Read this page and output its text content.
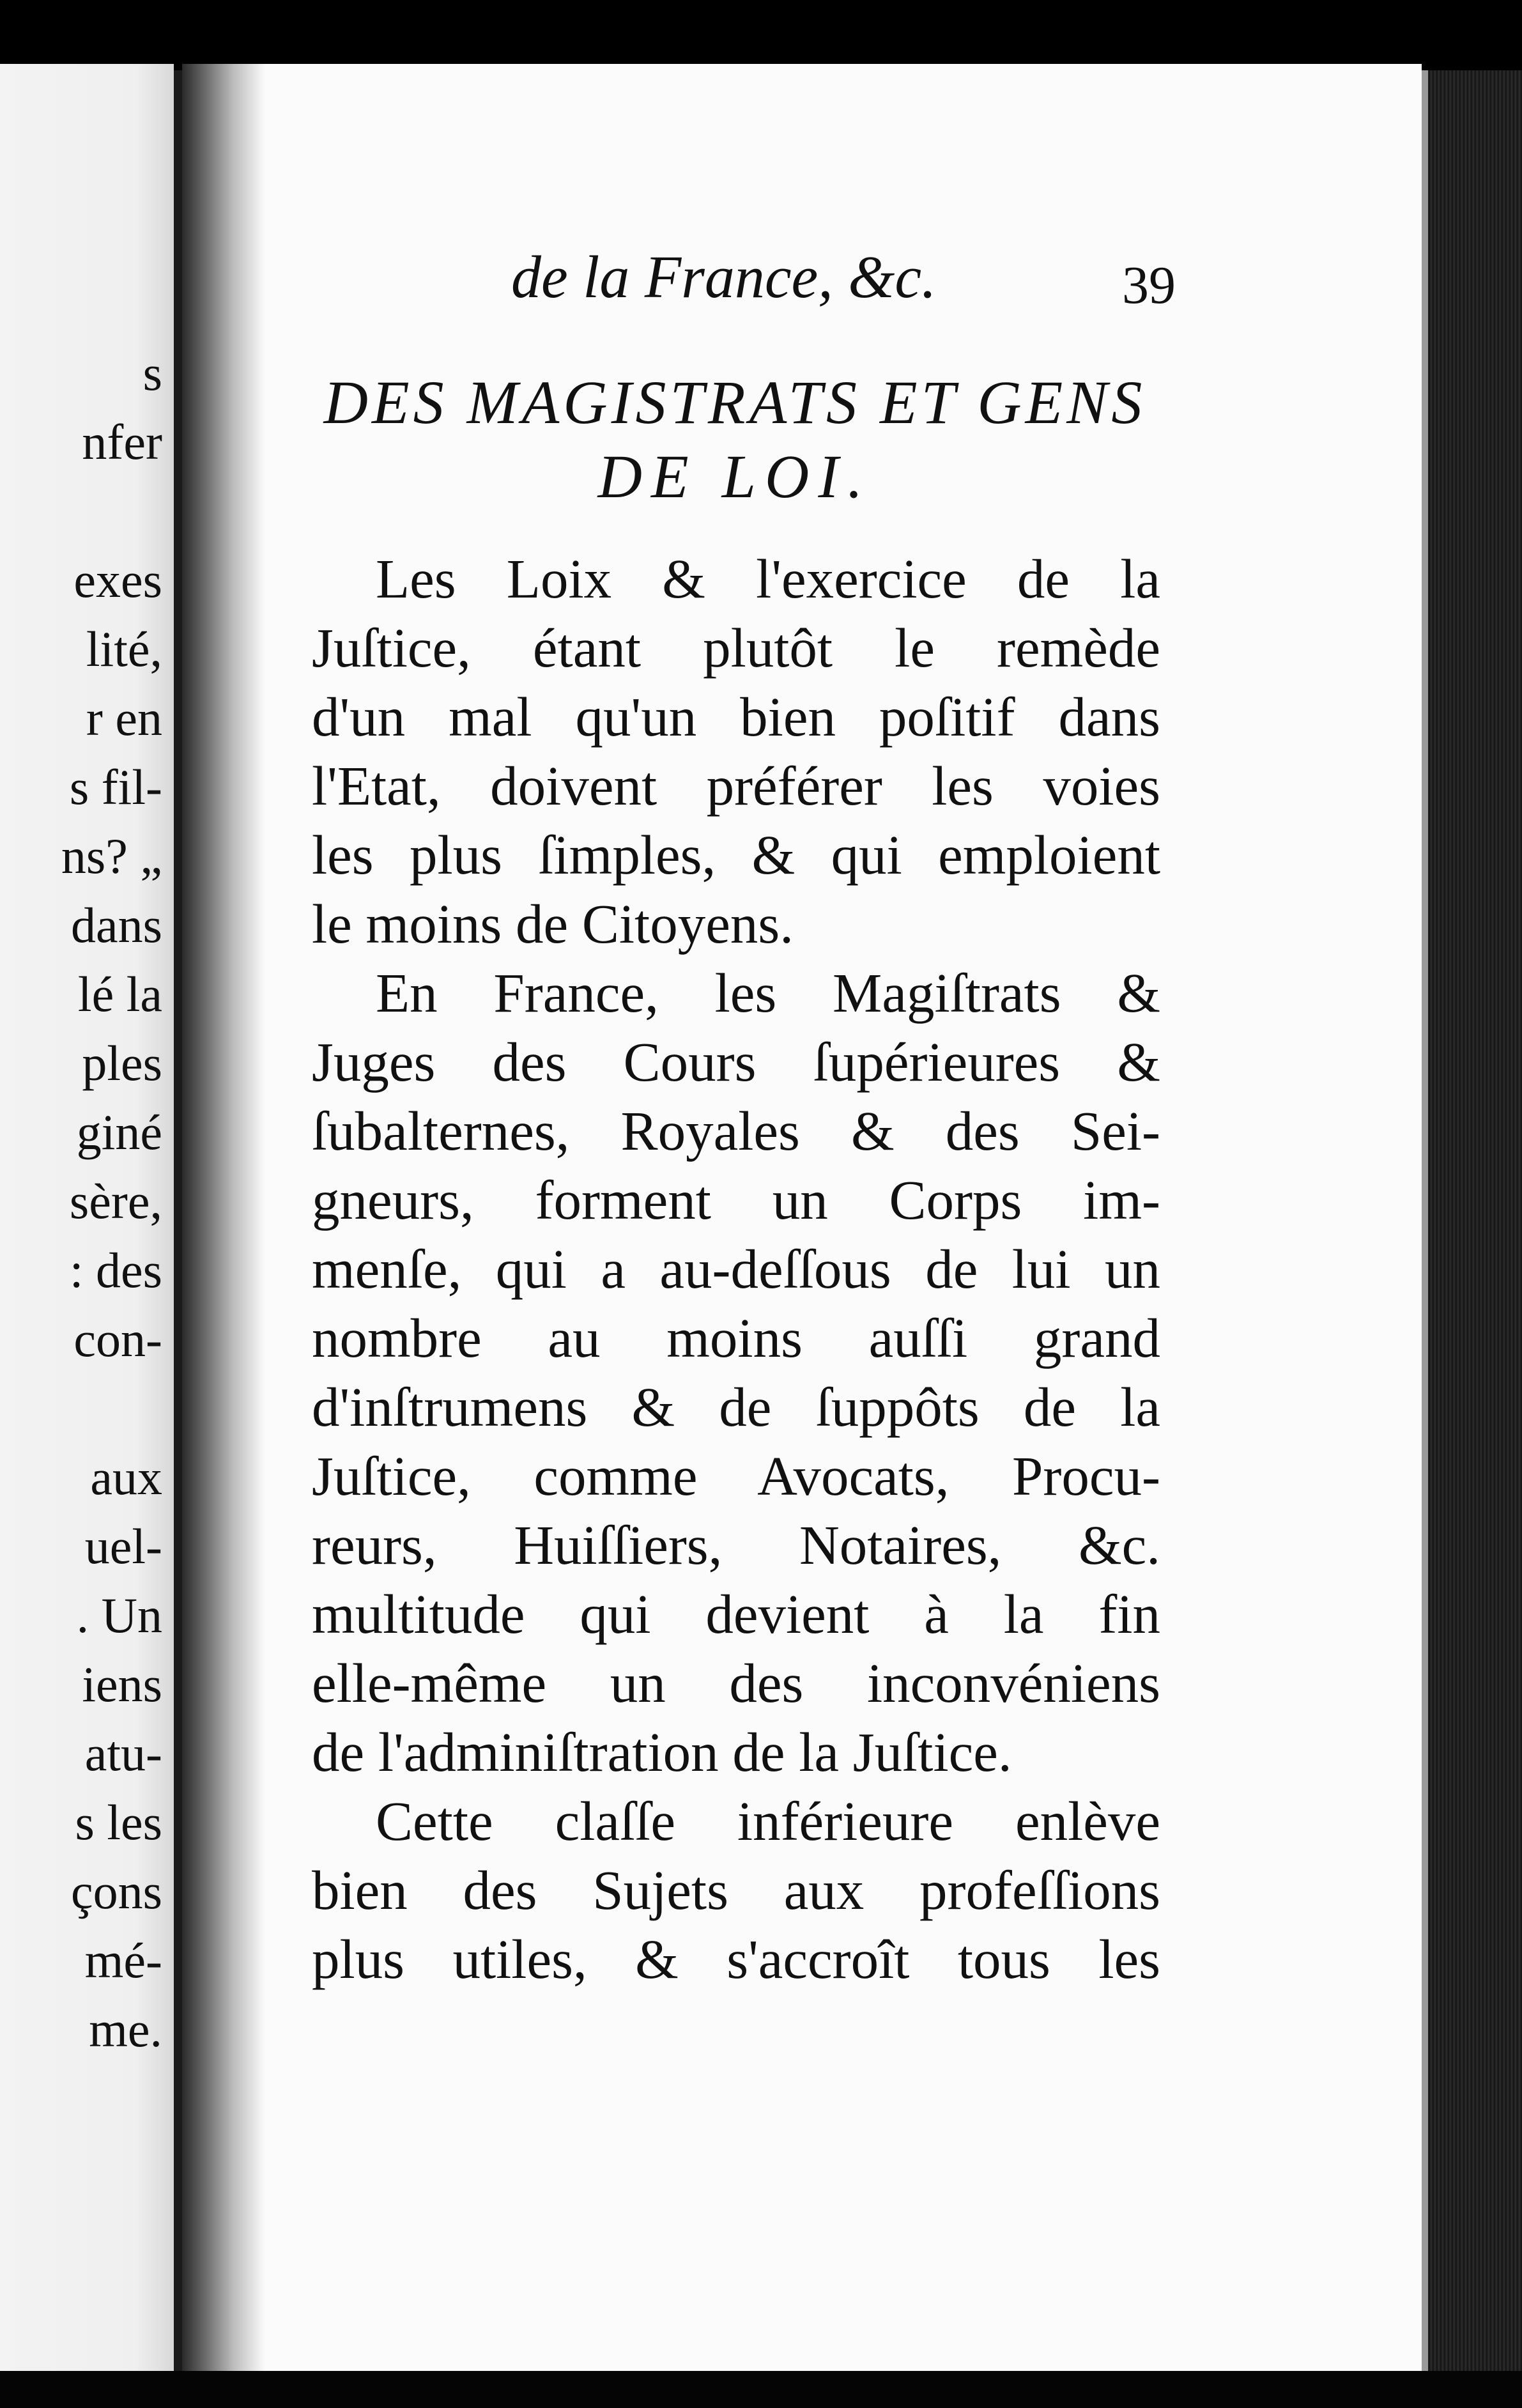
s
nfer
exes
lité,
r en
s fil-
ns? „
dans
lé la
ples
giné
sère,
: des
con-
aux
uel-
. Un
iens
atu-
s les
çons
mé-
me.
de la France, &c.	39
DES MAGISTRATS ET GENS
DE LOI.
Les Loix & l'exercice de la
Juſtice, étant plutôt le remède
d'un mal qu'un bien poſitif dans
l'Etat, doivent préférer les voies
les plus ſimples, & qui emploient
le moins de Citoyens.
En France, les Magiſtrats &
Juges des Cours ſupérieures &
ſubalternes, Royales & des Sei-
gneurs, forment un Corps im-
menſe, qui a au-deſſous de lui un
nombre au moins auſſi grand
d'inſtrumens & de ſuppôts de la
Juſtice, comme Avocats, Procu-
reurs, Huiſſiers, Notaires, &c.
multitude qui devient à la fin
elle-même un des inconvéniens
de l'adminiſtration de la Juſtice.
Cette claſſe inférieure enlève
bien des Sujets aux profeſſions
plus utiles, & s'accroît tous les
